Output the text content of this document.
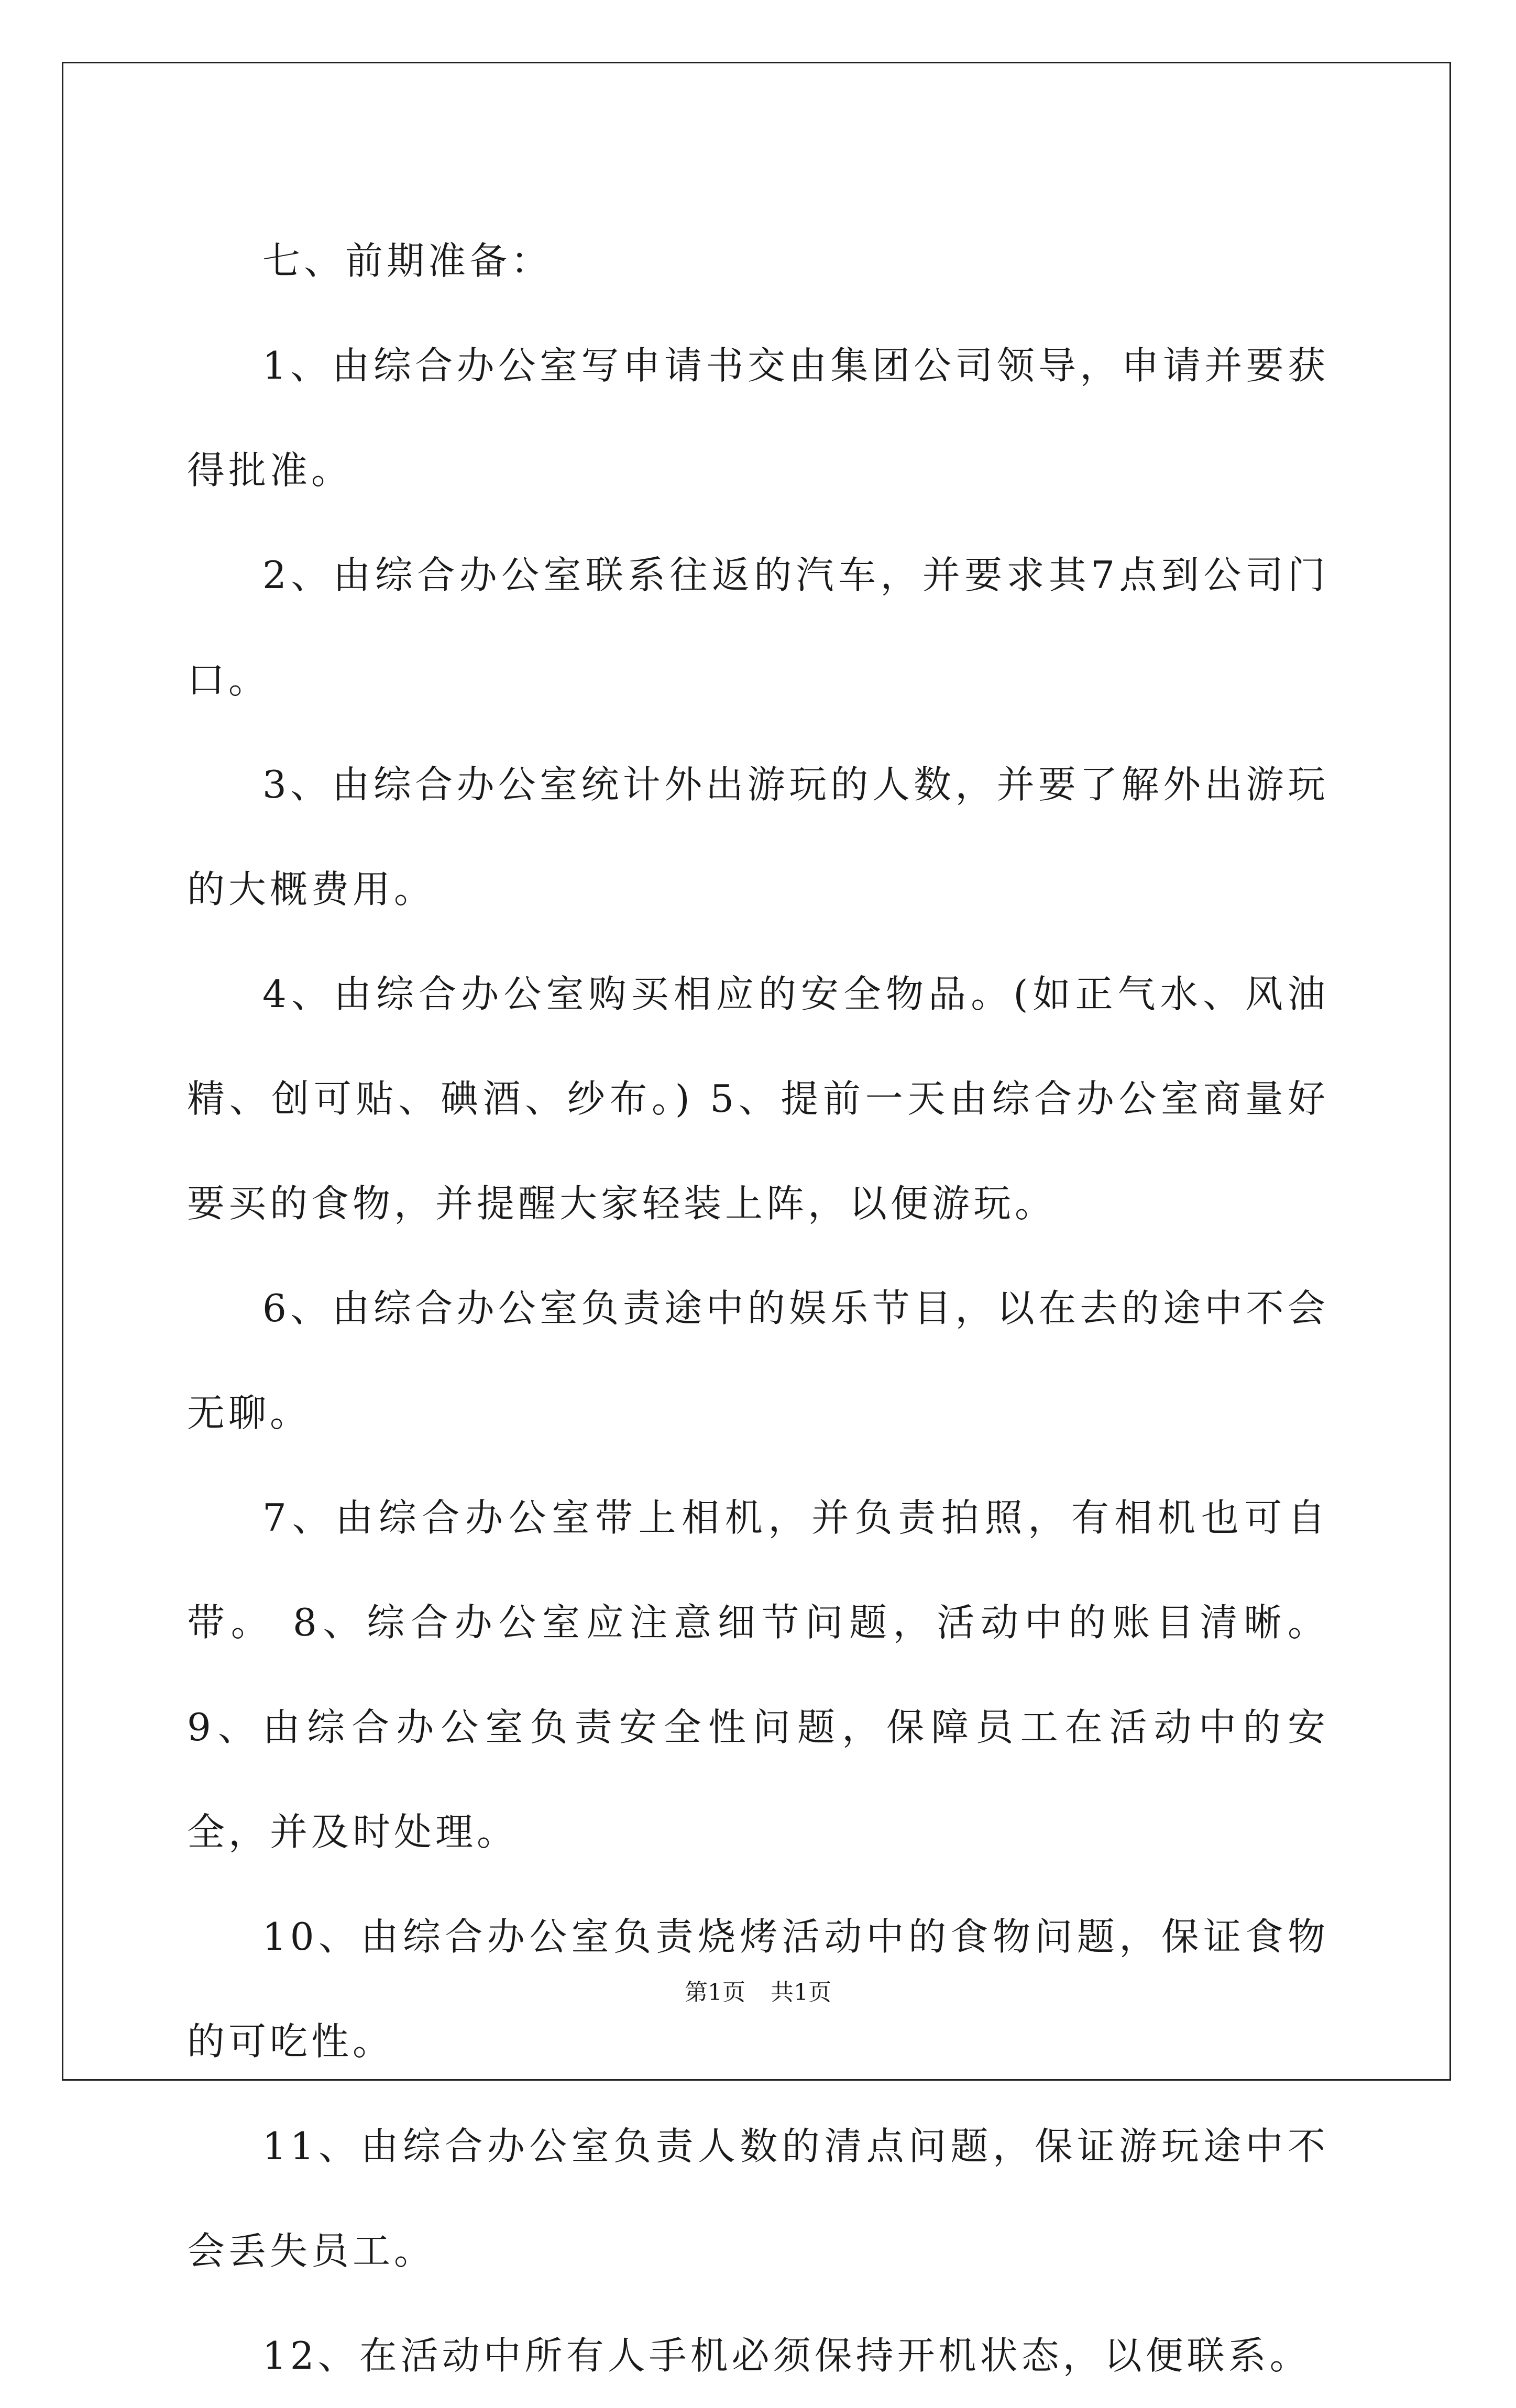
七、前期准备：

1、由综合办公室写申请书交由集团公司领导，申请并要获得批准。

2、由综合办公室联系往返的汽车，并要求其7点到公司门口。

3、由综合办公室统计外出游玩的人数，并要了解外出游玩的大概费用。

4、由综合办公室购买相应的安全物品。(如正气水、风油精、创可贴、碘酒、纱布。) 5、提前一天由综合办公室商量好要买的食物，并提醒大家轻装上阵，以便游玩。

6、由综合办公室负责途中的娱乐节目，以在去的途中不会无聊。

7、由综合办公室带上相机，并负责拍照，有相机也可自带。 8、综合办公室应注意细节问题，活动中的账目清晰。 9、由综合办公室负责安全性问题，保障员工在活动中的安全，并及时处理。

10、由综合办公室负责烧烤活动中的食物问题，保证食物的可吃性。

11、由综合办公室负责人数的清点问题，保证游玩途中不会丢失员工。

12、在活动中所有人手机必须保持开机状态，以便联系。

第1页 共1页
